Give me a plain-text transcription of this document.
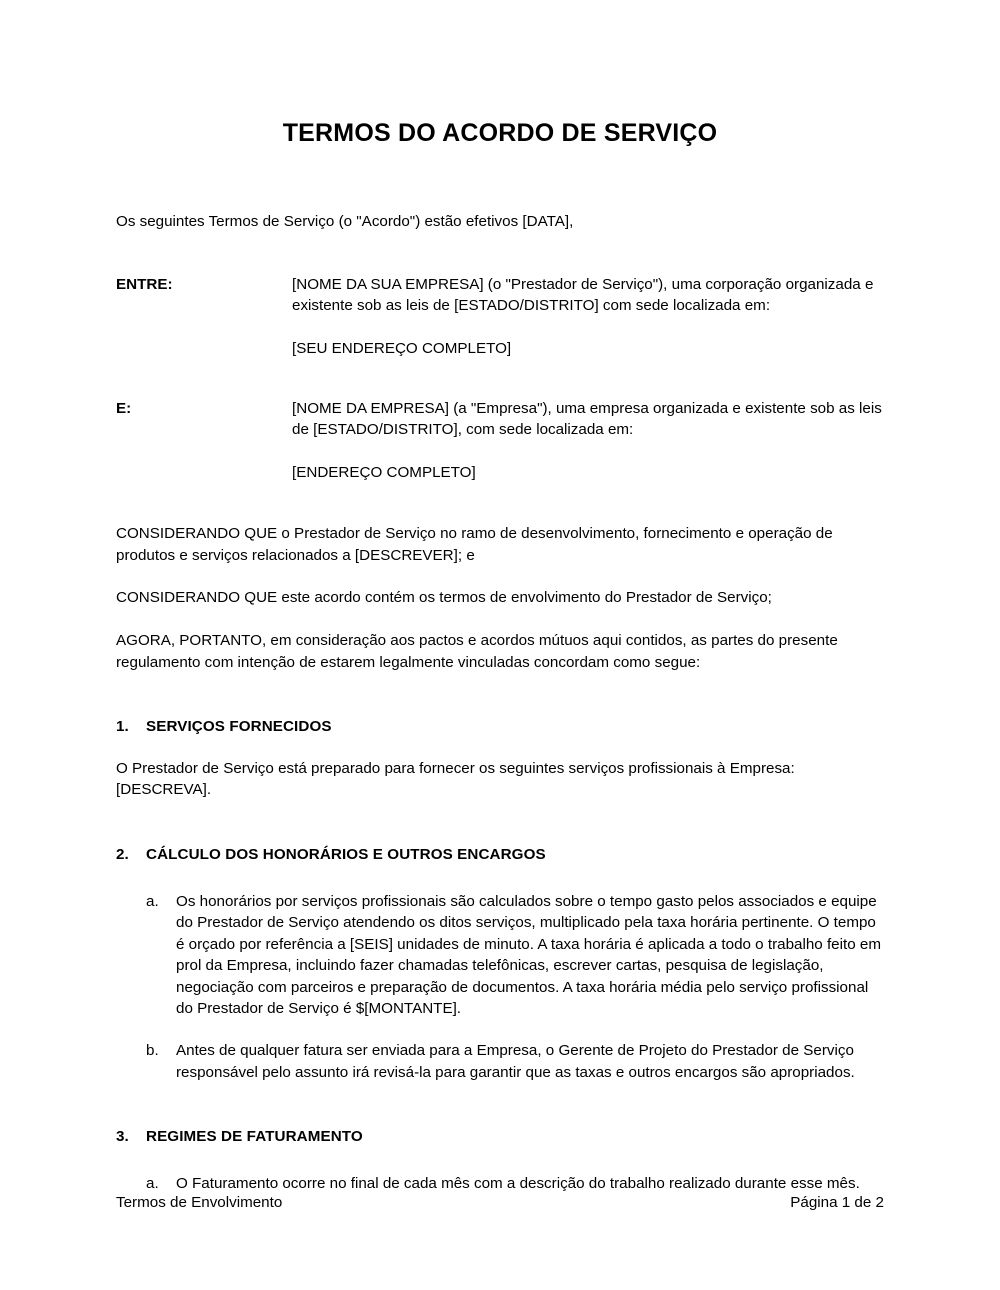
TERMOS DO ACORDO DE SERVIÇO

Os seguintes Termos de Serviço (o "Acordo") estão efetivos [DATA],

ENTRE:	[NOME DA SUA EMPRESA] (o "Prestador de Serviço"), uma corporação organizada e existente sob as leis de [ESTADO/DISTRITO] com sede localizada em:
[SEU ENDEREÇO COMPLETO]
E:	[NOME DA EMPRESA] (a "Empresa"), uma empresa organizada e existente sob as leis de [ESTADO/DISTRITO], com sede localizada em:
[ENDEREÇO COMPLETO]

CONSIDERANDO QUE o Prestador de Serviço no ramo de desenvolvimento, fornecimento e operação de produtos e serviços relacionados a [DESCREVER]; e

CONSIDERANDO QUE este acordo contém os termos de envolvimento do Prestador de Serviço;

AGORA, PORTANTO, em consideração aos pactos e acordos mútuos aqui contidos, as partes do presente regulamento com intenção de estarem legalmente vinculadas concordam como segue:

1.	SERVIÇOS FORNECIDOS

O Prestador de Serviço está preparado para fornecer os seguintes serviços profissionais à Empresa: [DESCREVA].

2.	CÁLCULO DOS HONORÁRIOS E OUTROS ENCARGOS
a.	Os honorários por serviços profissionais são calculados sobre o tempo gasto pelos associados e equipe do Prestador de Serviço atendendo os ditos serviços, multiplicado pela taxa horária pertinente. O tempo é orçado por referência a [SEIS] unidades de minuto. A taxa horária é aplicada a todo o trabalho feito em prol da Empresa, incluindo fazer chamadas telefônicas, escrever cartas, pesquisa de legislação, negociação com parceiros e preparação de documentos. A taxa horária média pelo serviço profissional do Prestador de Serviço é $[MONTANTE].
b.	Antes de qualquer fatura ser enviada para a Empresa, o Gerente de Projeto do Prestador de Serviço responsável pelo assunto irá revisá-la para garantir que as taxas e outros encargos são apropriados.
3.	REGIMES DE FATURAMENTO
a.	O Faturamento ocorre no final de cada mês com a descrição do trabalho realizado durante esse mês.
Termos de Envolvimento	Página 1 de 2
